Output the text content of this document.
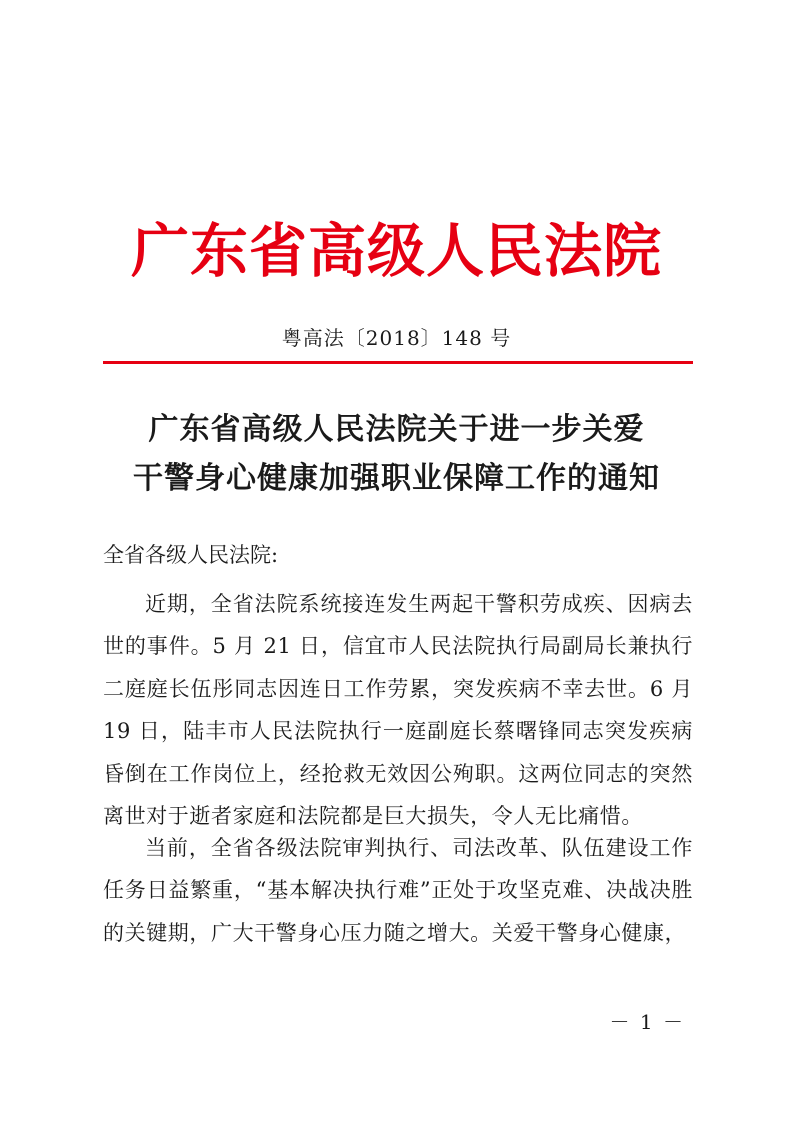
广东省高级人民法院
粤高法〔2018〕148 号
广东省高级人民法院关于进一步关爱
干警身心健康加强职业保障工作的通知
全省各级人民法院:
近期，全省法院系统接连发生两起干警积劳成疾、因病去世的事件。5 月 21 日，信宜市人民法院执行局副局长兼执行二庭庭长伍彤同志因连日工作劳累，突发疾病不幸去世。6 月 19 日，陆丰市人民法院执行一庭副庭长蔡曙锋同志突发疾病昏倒在工作岗位上，经抢救无效因公殉职。这两位同志的突然离世对于逝者家庭和法院都是巨大损失，令人无比痛惜。
当前，全省各级法院审判执行、司法改革、队伍建设工作任务日益繁重，“基本解决执行难”正处于攻坚克难、决战决胜的关键期，广大干警身心压力随之增大。关爱干警身心健康，
－ 1 －
